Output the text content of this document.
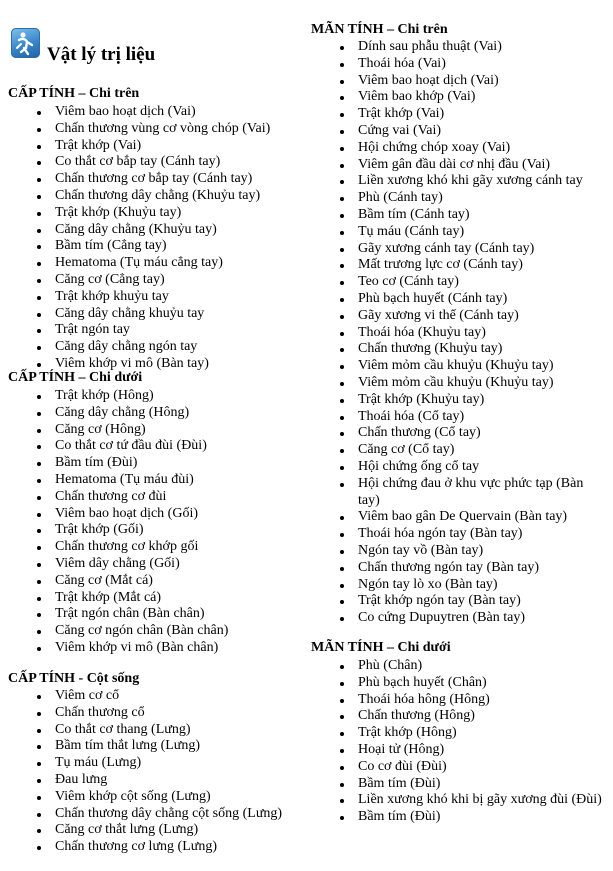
Vật lý trị liệu
CẤP TÍNH – Chi trên
Viêm bao hoạt dịch (Vai)
Chấn thương vùng cơ vòng chóp (Vai)
Trật khớp (Vai)
Co thắt cơ bắp tay (Cánh tay)
Chấn thương cơ bắp tay (Cánh tay)
Chấn thương dây chằng (Khuỷu tay)
Trật khớp (Khuỷu tay)
Căng dây chằng (Khuỷu tay)
Bầm tím (Cẳng tay)
Hematoma (Tụ máu cẳng tay)
Căng cơ (Cẳng tay)
Trật khớp khuỷu tay
Căng dây chằng khuỷu tay
Trật ngón tay
Căng dây chằng ngón tay
Viêm khớp vi mô (Bàn tay)
CẤP TÍNH – Chi dưới
Trật khớp (Hông)
Căng dây chằng (Hông)
Căng cơ (Hông)
Co thắt cơ tứ đầu đùi (Đùi)
Bầm tím (Đùi)
Hematoma (Tụ máu đùi)
Chấn thương cơ đùi
Viêm bao hoạt dịch (Gối)
Trật khớp (Gối)
Chấn thương cơ khớp gối
Viêm dây chằng (Gối)
Căng cơ (Mắt cá)
Trật khớp (Mắt cá)
Trật ngón chân (Bàn chân)
Căng cơ ngón chân (Bàn chân)
Viêm khớp vi mô (Bàn chân)
CẤP TÍNH - Cột sống
Viêm cơ cổ
Chấn thương cổ
Co thắt cơ thang (Lưng)
Bầm tím thắt lưng (Lưng)
Tụ máu (Lưng)
Đau lưng
Viêm khớp cột sống (Lưng)
Chấn thương dây chằng cột sống (Lưng)
Căng cơ thắt lưng (Lưng)
Chấn thương cơ lưng (Lưng)
MÃN TÍNH – Chi trên
Dính sau phẫu thuật (Vai)
Thoái hóa (Vai)
Viêm bao hoạt dịch (Vai)
Viêm bao khớp (Vai)
Trật khớp (Vai)
Cứng vai (Vai)
Hội chứng chóp xoay (Vai)
Viêm gân đầu dài cơ nhị đầu (Vai)
Liền xương khó khi gãy xương cánh tay
Phù (Cánh tay)
Bầm tím (Cánh tay)
Tụ máu (Cánh tay)
Gãy xương cánh tay (Cánh tay)
Mất trương lực cơ (Cánh tay)
Teo cơ (Cánh tay)
Phù bạch huyết (Cánh tay)
Gãy xương vi thể (Cánh tay)
Thoái hóa (Khuỷu tay)
Chấn thương (Khuỷu tay)
Viêm mỏm cầu khuỷu (Khuỷu tay)
Viêm mỏm cầu khuỷu (Khuỷu tay)
Trật khớp (Khuỷu tay)
Thoái hóa (Cổ tay)
Chấn thương (Cổ tay)
Căng cơ (Cổ tay)
Hội chứng ống cổ tay
Hội chứng đau ở khu vực phức tạp (Bàn tay)
Viêm bao gân De Quervain (Bàn tay)
Thoái hóa ngón tay (Bàn tay)
Ngón tay vồ (Bàn tay)
Chấn thương ngón tay (Bàn tay)
Ngón tay lò xo (Bàn tay)
Trật khớp ngón tay (Bàn tay)
Co cứng Dupuytren (Bàn tay)
MÃN TÍNH – Chi dưới
Phù (Chân)
Phù bạch huyết (Chân)
Thoái hóa hông (Hông)
Chấn thương (Hông)
Trật khớp (Hông)
Hoại tử (Hông)
Co cơ đùi (Đùi)
Bầm tím (Đùi)
Liền xương khó khi bị gãy xương đùi (Đùi)
Bầm tím (Đùi)
